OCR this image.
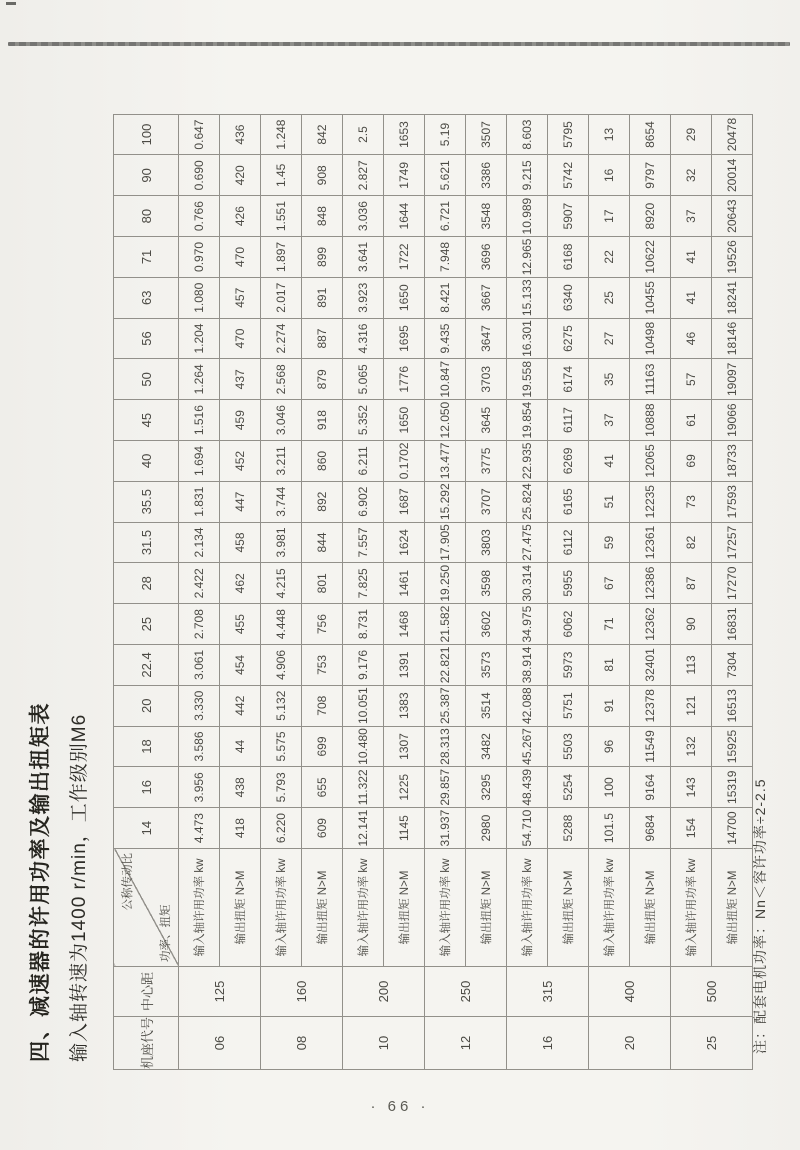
四、减速器的许用功率及输出扭矩表 输入轴转速为1400 r/min，工作级别M6	机座代号	中心距	公称传动比
功率、扭矩	14	16	18	20	22.4	25	28	31.5	35.5	40	45	50	56	63	71	80	90	100
06	125	输入轴许用功率 kw	4.473	3.956	3.586	3.330	3.061	2.708	2.422	2.134	1.831	1.694	1.516	1.264	1.204	1.080	0.970	0.766	0.690	0.647
		输出扭矩 N>M	418	438	44	442	454	455	462	458	447	452	459	437	470	457	470	426	420	436
08	160	输入轴许用功率 kw	6.220	5.793	5.575	5.132	4.906	4.448	4.215	3.981	3.744	3.211	3.046	2.568	2.274	2.017	1.897	1.551	1.45	1.248
		输出扭矩 N>M	609	655	699	708	753	756	801	844	892	860	918	879	887	891	899	848	908	842
10	200	输入轴许用功率 kw	12.141	11.322	10.480	10.051	9.176	8.731	7.825	7.557	6.902	6.211	5.352	5.065	4.316	3.923	3.641	3.036	2.827	2.5
		输出扭矩 N>M	1145	1225	1307	1383	1391	1468	1461	1624	1687	0.1702	1650	1776	1695	1650	1722	1644	1749	1653
12	250	输入轴许用功率 kw	31.937	29.857	28.313	25.387	22.821	21.582	19.250	17.905	15.292	13.477	12.050	10.847	9.435	8.421	7.948	6.721	5.621	5.19
		输出扭矩 N>M	2980	3295	3482	3514	3573	3602	3598	3803	3707	3775	3645	3703	3647	3667	3696	3548	3386	3507
16	315	输入轴许用功率 kw	54.710	48.439	45.267	42.088	38.914	34.975	30.314	27.475	25.824	22.935	19.854	19.558	16.301	15.133	12.965	10.989	9.215	8.603
		输出扭矩 N>M	5288	5254	5503	5751	5973	6062	5955	6112	6165	6269	6117	6174	6275	6340	6168	5907	5742	5795
20	400	输入轴许用功率 kw	101.5	100	96	91	81	71	67	59	51	41	37	35	27	25	22	17	16	13
		输出扭矩 N>M	9684	9164	11549	12378	32401	12362	12386	12361	12235	12065	10888	11163	10498	10455	10622	8920	9797	8654
25	500	输入轴许用功率 kw	154	143	132	121	113	90	87	82	73	69	61	57	46	41	41	37	32	29
		输出扭矩 N>M	14700	15319	15925	16513	7304	16831	17270	17257	17593	18733	19066	19097	18146	18241	19526	20643	20014	20478
注：配套电机功率：Nn＜容许功率÷2-2.5
· 66 ·
